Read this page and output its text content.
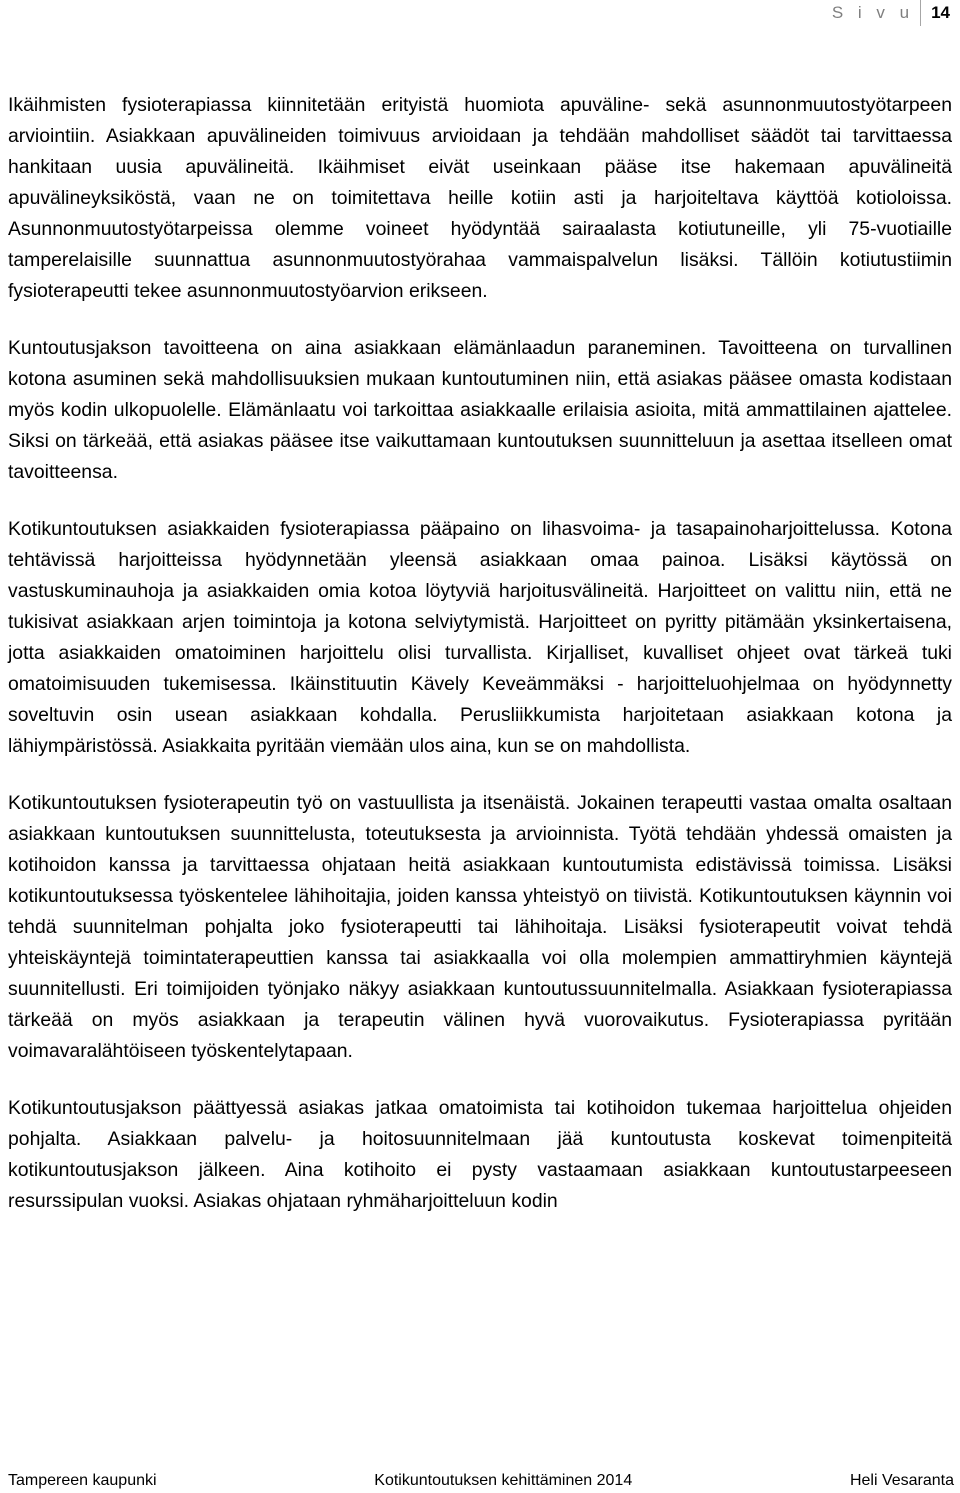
S i v u	14

Ikäihmisten fysioterapiassa kiinnitetään erityistä huomiota apuväline- sekä asunnonmuutostyötarpeen arviointiin. Asiakkaan apuvälineiden toimivuus arvioidaan ja tehdään mahdolliset säädöt tai tarvittaessa hankitaan uusia apuvälineitä. Ikäihmiset eivät useinkaan pääse itse hakemaan apuvälineitä apuvälineyksiköstä, vaan ne on toimitettava heille kotiin asti ja harjoiteltava käyttöä kotioloissa. Asunnonmuutostyötarpeissa olemme voineet hyödyntää sairaalasta kotiutuneille, yli 75-vuotiaille tamperelaisille suunnattua asunnonmuutostyörahaa vammaispalvelun lisäksi. Tällöin kotiutustiimin fysioterapeutti tekee asunnonmuutostyöarvion erikseen.

Kuntoutusjakson tavoitteena on aina asiakkaan elämänlaadun paraneminen. Tavoitteena on turvallinen kotona asuminen sekä mahdollisuuksien mukaan kuntoutuminen niin, että asiakas pääsee omasta kodistaan myös kodin ulkopuolelle. Elämänlaatu voi tarkoittaa asiakkaalle erilaisia asioita, mitä ammattilainen ajattelee. Siksi on tärkeää, että asiakas pääsee itse vaikuttamaan kuntoutuksen suunnitteluun ja asettaa itselleen omat tavoitteensa.

Kotikuntoutuksen asiakkaiden fysioterapiassa pääpaino on lihasvoima- ja tasapainoharjoittelussa. Kotona tehtävissä harjoitteissa hyödynnetään yleensä asiakkaan omaa painoa. Lisäksi käytössä on vastuskuminauhoja ja asiakkaiden omia kotoa löytyviä harjoitusvälineitä. Harjoitteet on valittu niin, että ne tukisivat asiakkaan arjen toimintoja ja kotona selviytymistä. Harjoitteet on pyritty pitämään yksinkertaisena, jotta asiakkaiden omatoiminen harjoittelu olisi turvallista. Kirjalliset, kuvalliset ohjeet ovat tärkeä tuki omatoimisuuden tukemisessa. Ikäinstituutin Kävely Keveämmäksi - harjoitteluohjelmaa on hyödynnetty soveltuvin osin usean asiakkaan kohdalla. Perusliikkumista harjoitetaan asiakkaan kotona ja lähiympäristössä. Asiakkaita pyritään viemään ulos aina, kun se on mahdollista.

Kotikuntoutuksen fysioterapeutin työ on vastuullista ja itsenäistä. Jokainen terapeutti vastaa omalta osaltaan asiakkaan kuntoutuksen suunnittelusta, toteutuksesta ja arvioinnista. Työtä tehdään yhdessä omaisten ja kotihoidon kanssa ja tarvittaessa ohjataan heitä asiakkaan kuntoutumista edistävissä toimissa. Lisäksi kotikuntoutuksessa työskentelee lähihoitajia, joiden kanssa yhteistyö on tiivistä. Kotikuntoutuksen käynnin voi tehdä suunnitelman pohjalta joko fysioterapeutti tai lähihoitaja. Lisäksi fysioterapeutit voivat tehdä yhteiskäyntejä toimintaterapeuttien kanssa tai asiakkaalla voi olla molempien ammattiryhmien käyntejä suunnitellusti. Eri toimijoiden työnjako näkyy asiakkaan kuntoutussuunnitelmalla. Asiakkaan fysioterapiassa tärkeää on myös asiakkaan ja terapeutin välinen hyvä vuorovaikutus. Fysioterapiassa pyritään voimavaralähtöiseen työskentelytapaan.

Kotikuntoutusjakson päättyessä asiakas jatkaa omatoimista tai kotihoidon tukemaa harjoittelua ohjeiden pohjalta. Asiakkaan palvelu- ja hoitosuunnitelmaan jää kuntoutusta koskevat toimenpiteitä kotikuntoutusjakson jälkeen. Aina kotihoito ei pysty vastaamaan asiakkaan kuntoutustarpeeseen resurssipulan vuoksi. Asiakas ohjataan ryhmäharjoitteluun kodin

Tampereen kaupunki	Kotikuntoutuksen kehittäminen 2014	Heli Vesaranta
